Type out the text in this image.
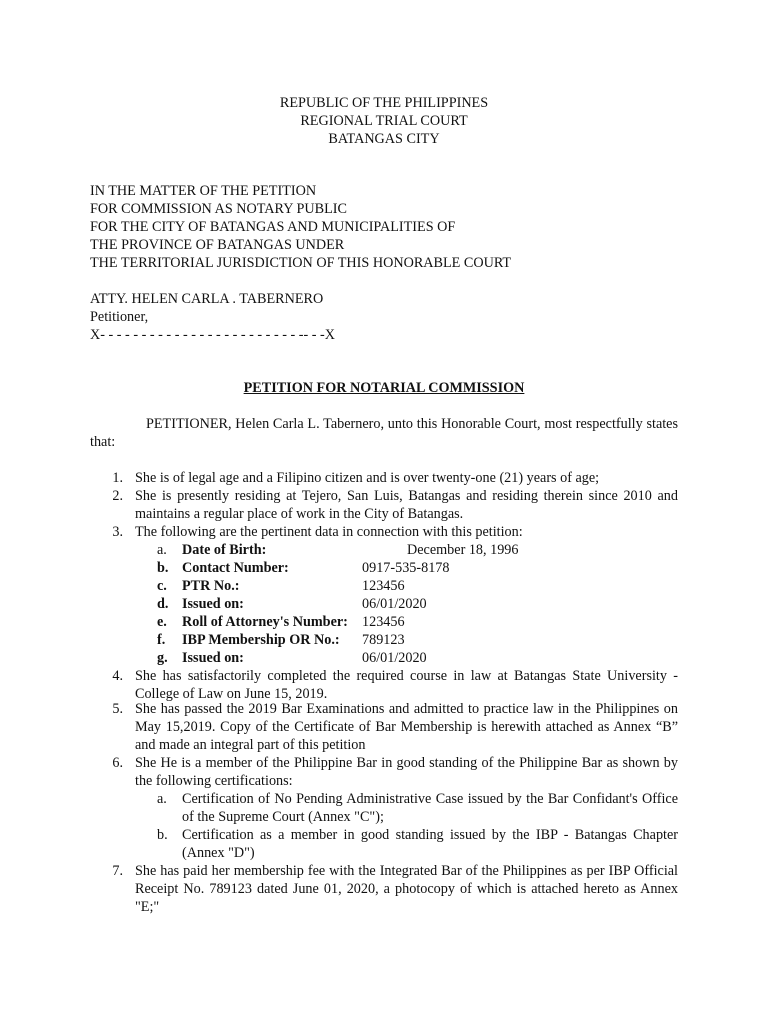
REPUBLIC OF THE PHILIPPINES
REGIONAL TRIAL COURT
BATANGAS CITY
IN THE MATTER OF THE PETITION
FOR COMMISSION AS NOTARY PUBLIC
FOR THE CITY OF BATANGAS AND MUNICIPALITIES OF
THE PROVINCE OF BATANGAS UNDER
THE TERRITORIAL JURISDICTION OF THIS HONORABLE COURT
ATTY. HELEN CARLA . TABERNERO
Petitioner,
X- - - - - - - - - - - - - - - - - - - - - - - - -- - -X
PETITION FOR NOTARIAL COMMISSION
PETITIONER, Helen Carla L. Tabernero, unto this Honorable Court, most respectfully states that:
1. She is of legal age and a Filipino citizen and is over twenty-one (21) years of age;
2. She is presently residing at Tejero, San Luis, Batangas and residing therein since 2010 and maintains a regular place of work in the City of Batangas.
3. The following are the pertinent data in connection with this petition:
a. Date of Birth:	December 18, 1996
b. Contact Number:	0917-535-8178
c. PTR No.:	123456
d. Issued on:	06/01/2020
e. Roll of Attorney's Number: 123456
f. IBP Membership OR No.: 789123
g. Issued on:	06/01/2020
4. She has satisfactorily completed the required course in law at Batangas State University - College of Law on June 15, 2019.
5. She has passed the 2019 Bar Examinations and admitted to practice law in the Philippines on May 15,2019. Copy of the Certificate of Bar Membership is herewith attached as Annex “B” and made an integral part of this petition
6. She He is a member of the Philippine Bar in good standing of the Philippine Bar as shown by the following certifications:
a. Certification of No Pending Administrative Case issued by the Bar Confidant's Office of the Supreme Court (Annex "C");
b. Certification as a member in good standing issued by the IBP - Batangas Chapter (Annex "D")
7. She has paid her membership fee with the Integrated Bar of the Philippines as per IBP Official Receipt No. 789123 dated June 01, 2020, a photocopy of which is attached hereto as Annex "E;"
